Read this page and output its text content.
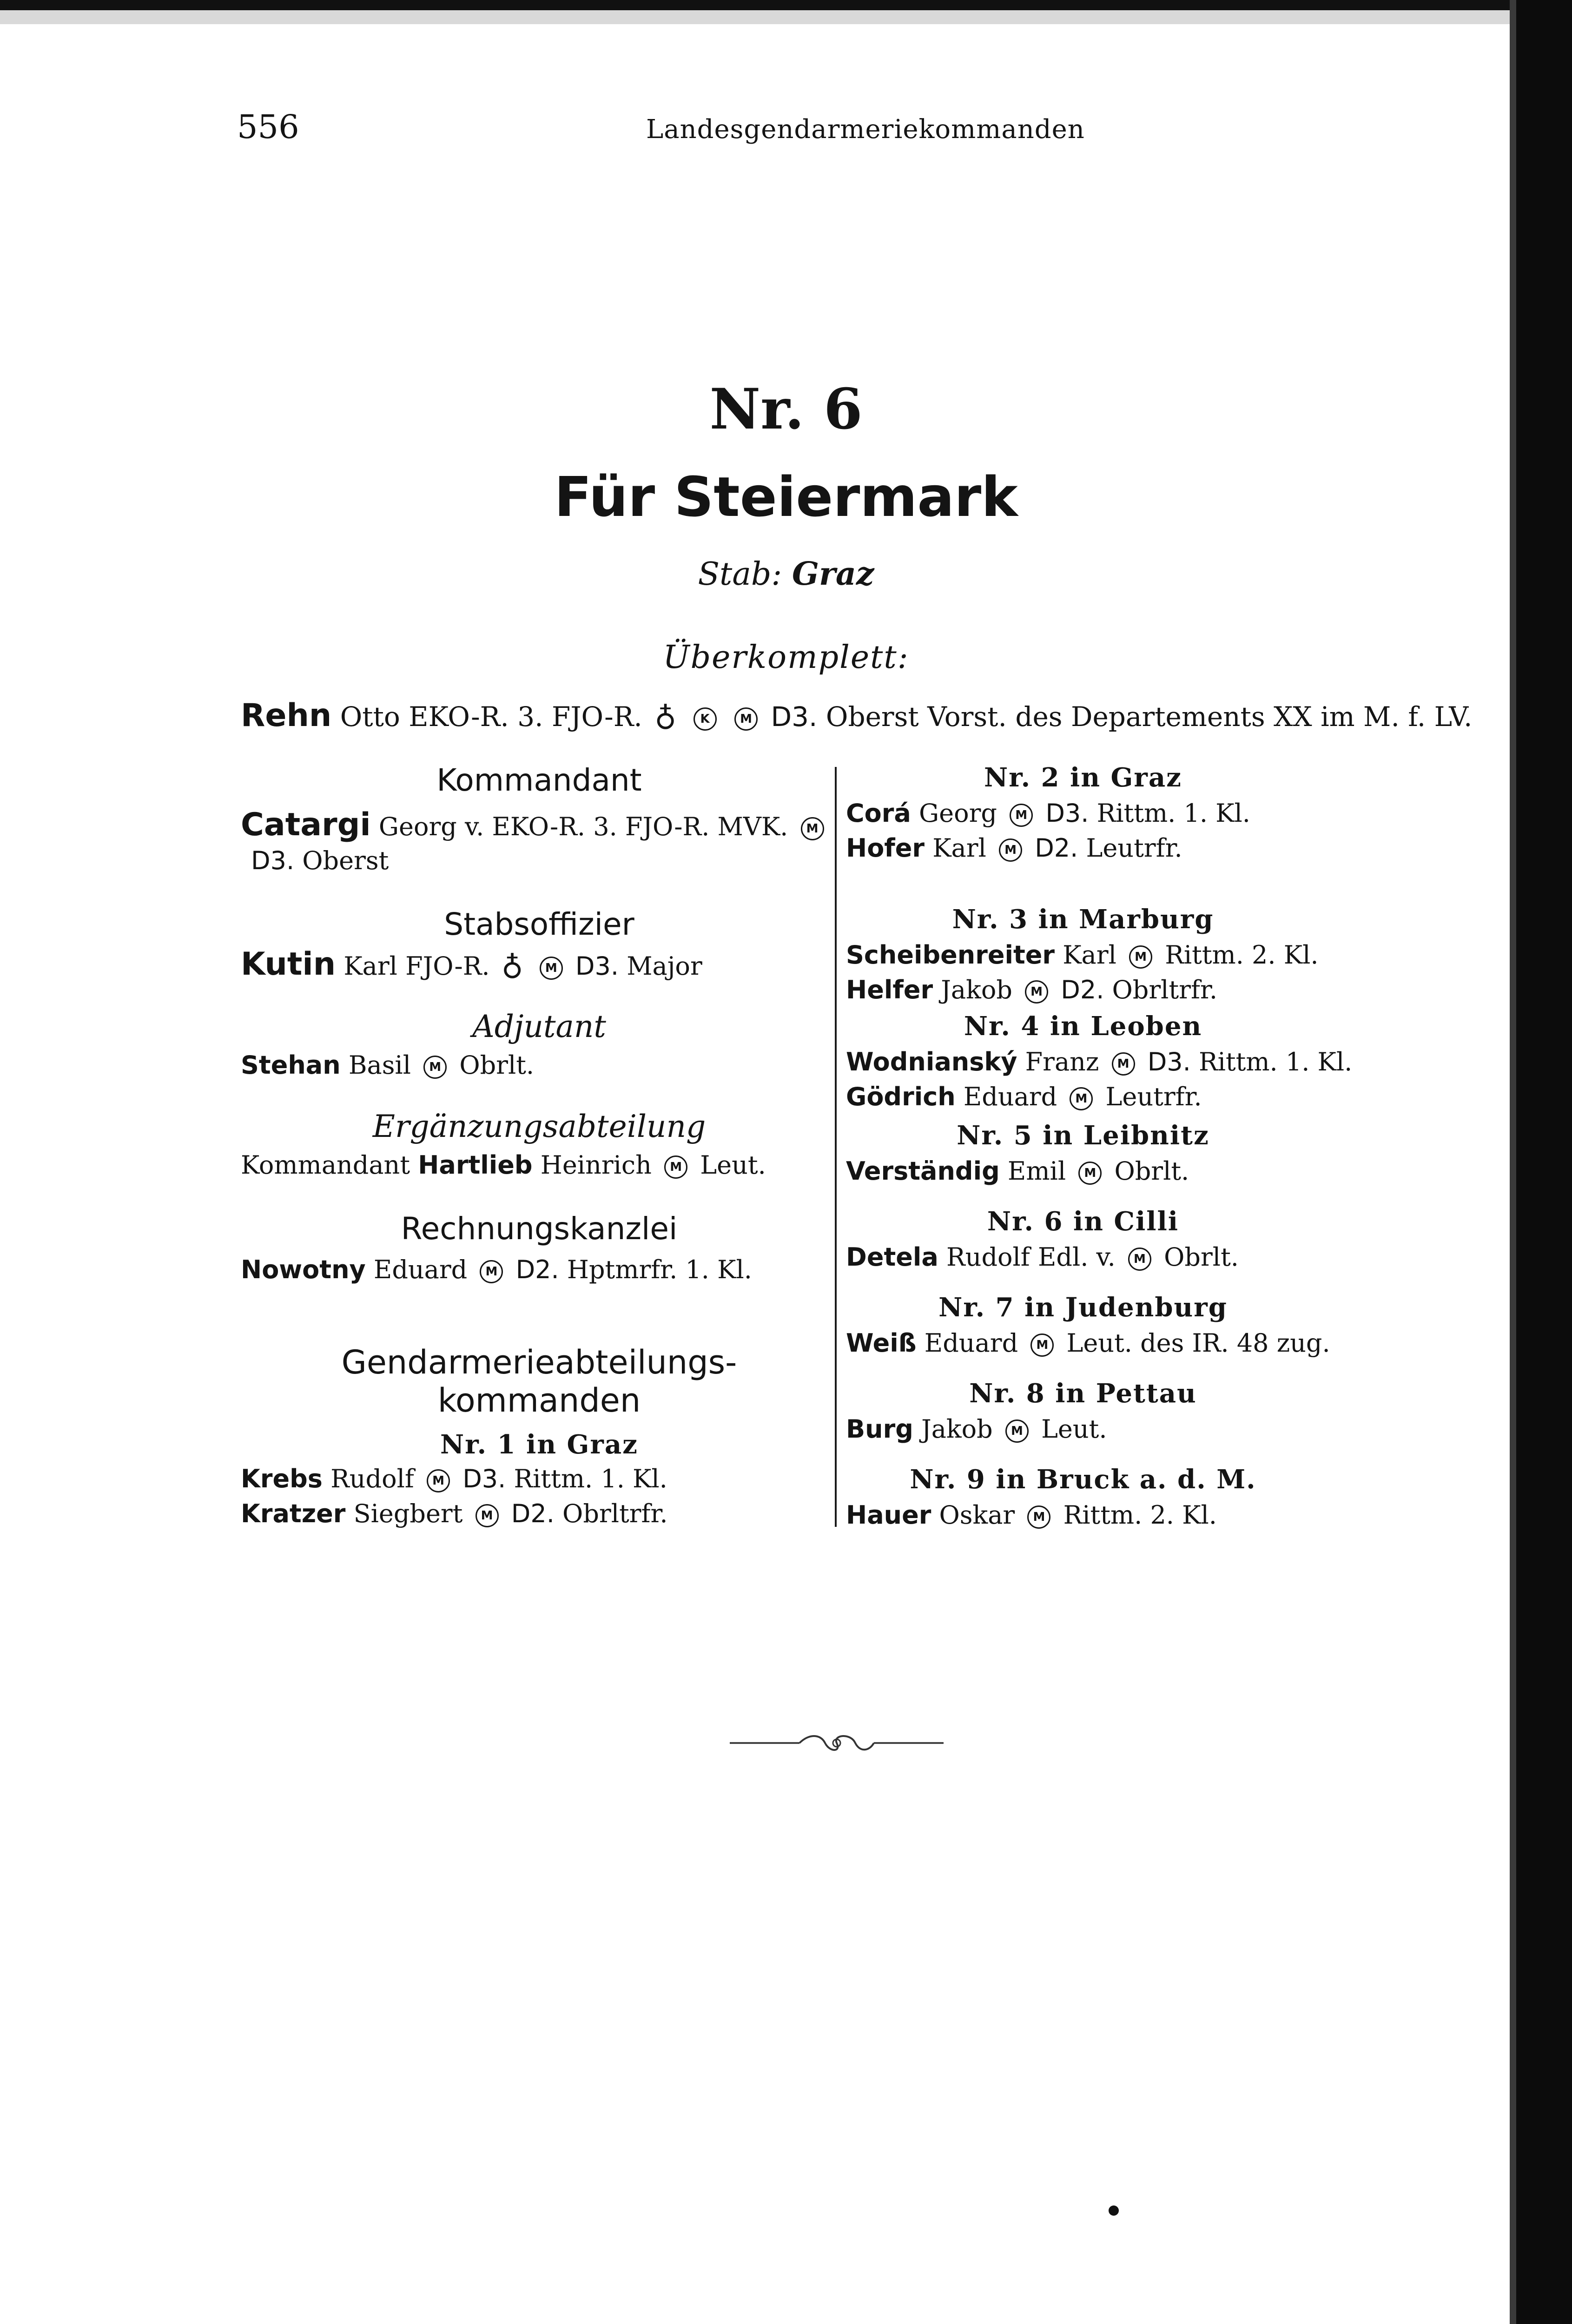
556	Landesgendarmeriekommanden
Nr. 6
Für Steiermark
Stab: Graz
Überkomplett:
Rehn Otto EKO-R. 3. FJO-R. ♁ K	M D3. Oberst Vorst. des Departements XX im M. f. LV.
Kommandant
Catargi Georg v. EKO-R. 3. FJO-R. MVK. M
D3. Oberst
Stabsoffizier
Kutin Karl FJO-R. ♁ M D3. Major
Adjutant
Stehan Basil M Obrlt.
Ergänzungsabteilung
Kommandant Hartlieb Heinrich M Leut.
Rechnungskanzlei
Nowotny Eduard M D2. Hptmrfr. 1. Kl.
Gendarmerieabteilungs-
kommanden
Nr. 1 in Graz
Krebs Rudolf M D3. Rittm. 1. Kl.
Kratzer Siegbert M D2. Obrltrfr.
Nr. 2 in Graz
Corá Georg M D3. Rittm. 1. Kl.
Hofer Karl M D2. Leutrfr.
Nr. 3 in Marburg
Scheibenreiter Karl M Rittm. 2. Kl.
Helfer Jakob M D2. Obrltrfr.
Nr. 4 in Leoben
Wodnianský Franz M D3. Rittm. 1. Kl.
Gödrich Eduard M Leutrfr.
Nr. 5 in Leibnitz
Verständig Emil M Obrlt.
Nr. 6 in Cilli
Detela Rudolf Edl. v. M Obrlt.
Nr. 7 in Judenburg
Weiß Eduard M Leut. des IR. 48 zug.
Nr. 8 in Pettau
Burg Jakob M Leut.
Nr. 9 in Bruck a. d. M.
Hauer Oskar M Rittm. 2. Kl.
